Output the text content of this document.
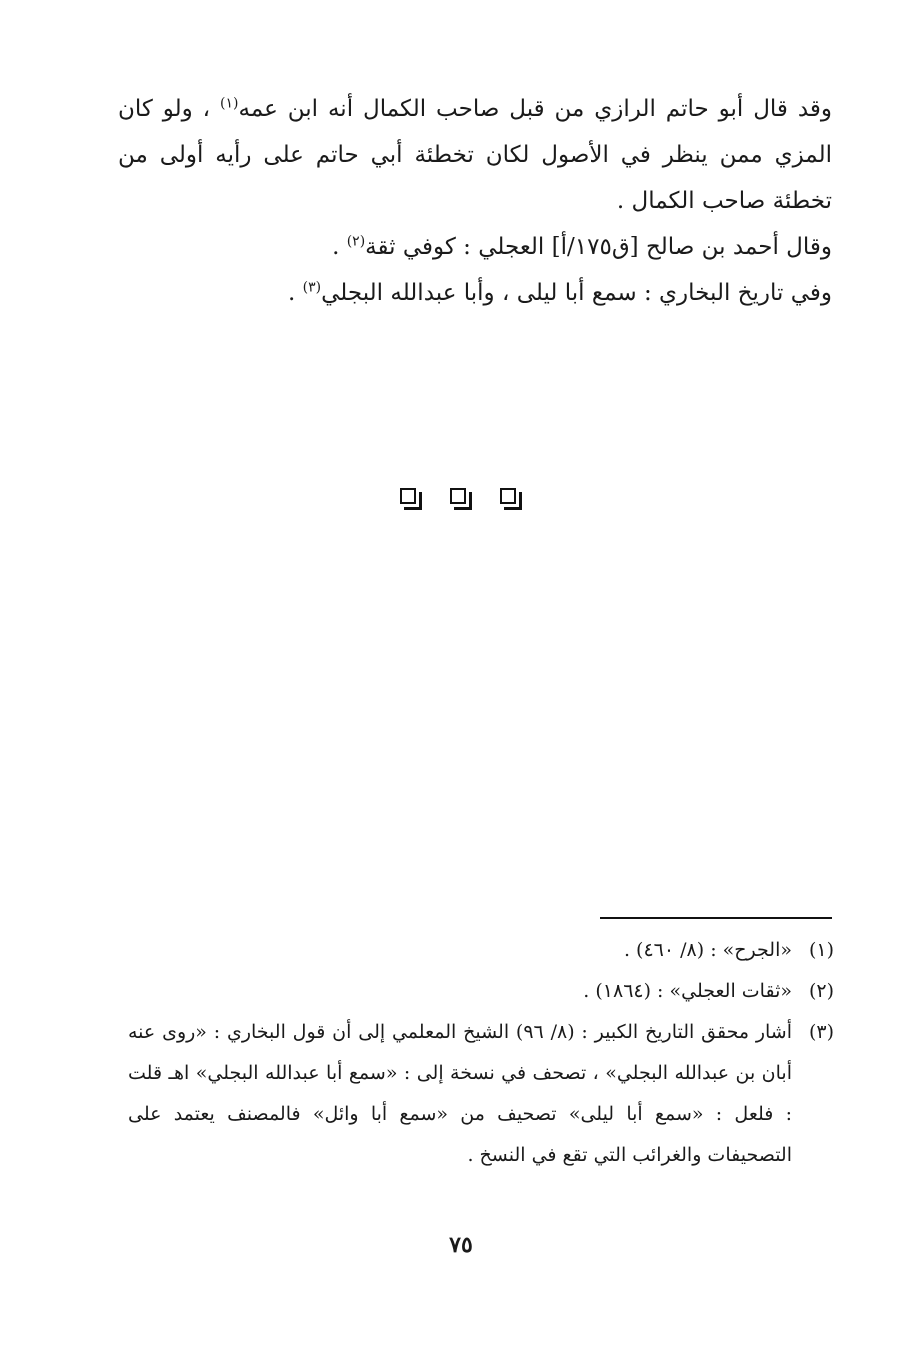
وقد قال أبو حاتم الرازي من قبل صاحب الكمال أنه ابن عمه$^{(١)}$ ، ولو كان المزي ممن ينظر في الأصول لكان تخطئة أبي حاتم على رأيه أولى من تخطئة صاحب الكمال .

وقال أحمد بن صالح [ق١٧٥/أ] العجلي : كوفي ثقة$^{(٢)}$ .

وفي تاريخ البخاري : سمع أبا ليلى ، وأبا عبدالله البجلي$^{(٣)}$ .

(١)
«الجرح» : (٨/ ٤٦٠) .

(٢)
«ثقات العجلي» : (١٨٦٤) .

(٣)
أشار محقق التاريخ الكبير : (٨/ ٩٦) الشيخ المعلمي إلى أن قول البخاري : «روى عنه أبان بن عبدالله البجلي» ، تصحف في نسخة إلى : «سمع أبا عبدالله البجلي» اهـ قلت : فلعل : «سمع أبا ليلى» تصحيف من «سمع أبا وائل» فالمصنف يعتمد على التصحيفات والغرائب التي تقع في النسخ .

٧٥
